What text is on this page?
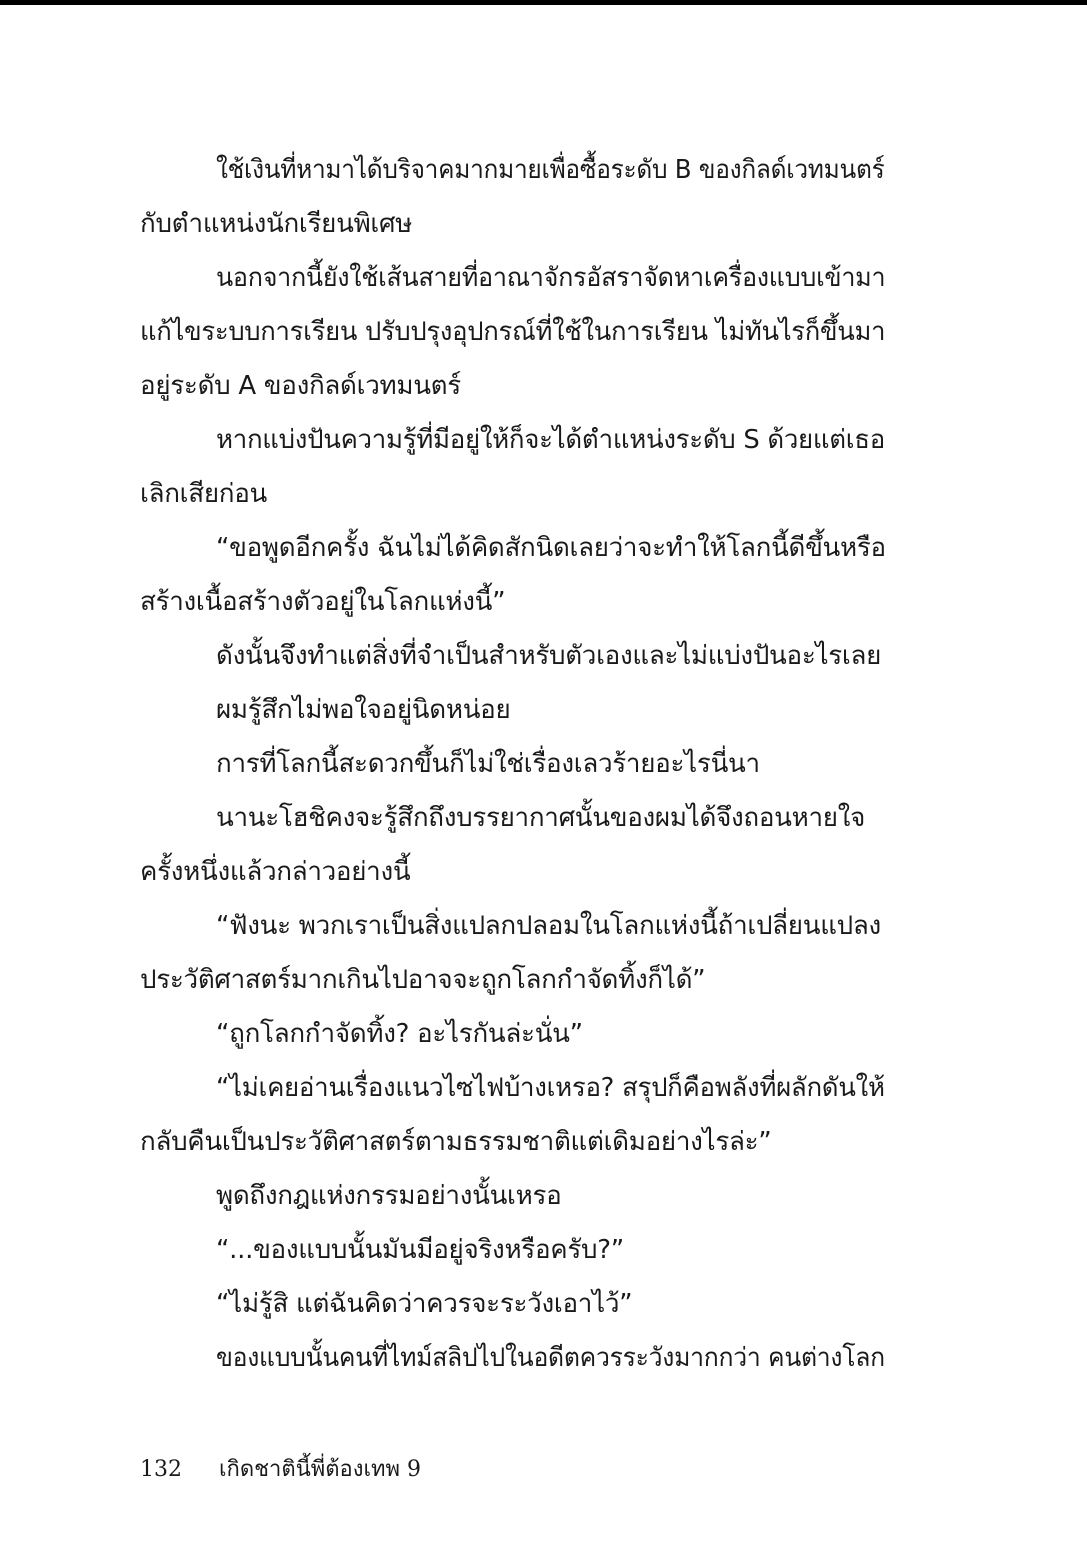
ใช้เงินที่หามาได้บริจาคมากมายเพื่อซื้อระดับ B ของกิลด์เวทมนตร์
กับตำแหน่งนักเรียนพิเศษ
นอกจากนี้ยังใช้เส้นสายที่อาณาจักรอัสราจัดหาเครื่องแบบเข้ามา
แก้ไขระบบการเรียน ปรับปรุงอุปกรณ์ที่ใช้ในการเรียน ไม่ทันไรก็ขึ้นมา
อยู่ระดับ A ของกิลด์เวทมนตร์
หากแบ่งปันความรู้ที่มีอยู่ให้ก็จะได้ตำแหน่งระดับ S ด้วยแต่เธอ
เลิกเสียก่อน
“ขอพูดอีกครั้ง ฉันไม่ได้คิดสักนิดเลยว่าจะทำให้โลกนี้ดีขึ้นหรือ
สร้างเนื้อสร้างตัวอยู่ในโลกแห่งนี้”
ดังนั้นจึงทำแต่สิ่งที่จำเป็นสำหรับตัวเองและไม่แบ่งปันอะไรเลย
ผมรู้สึกไม่พอใจอยู่นิดหน่อย
การที่โลกนี้สะดวกขึ้นก็ไม่ใช่เรื่องเลวร้ายอะไรนี่นา
นานะโฮชิคงจะรู้สึกถึงบรรยากาศนั้นของผมได้จึงถอนหายใจ
ครั้งหนึ่งแล้วกล่าวอย่างนี้
“ฟังนะ พวกเราเป็นสิ่งแปลกปลอมในโลกแห่งนี้ถ้าเปลี่ยนแปลง
ประวัติศาสตร์มากเกินไปอาจจะถูกโลกกำจัดทิ้งก็ได้”
“ถูกโลกกำจัดทิ้ง? อะไรกันล่ะนั่น”
“ไม่เคยอ่านเรื่องแนวไซไฟบ้างเหรอ? สรุปก็คือพลังที่ผลักดันให้
กลับคืนเป็นประวัติศาสตร์ตามธรรมชาติแต่เดิมอย่างไรล่ะ”
พูดถึงกฎแห่งกรรมอย่างนั้นเหรอ
“...ของแบบนั้นมันมีอยู่จริงหรือครับ?”
“ไม่รู้สิ แต่ฉันคิดว่าควรจะระวังเอาไว้”
ของแบบนั้นคนที่ไทม์สลิปไปในอดีตควรระวังมากกว่า คนต่างโลก
132 เกิดชาตินี้พี่ต้องเทพ 9
